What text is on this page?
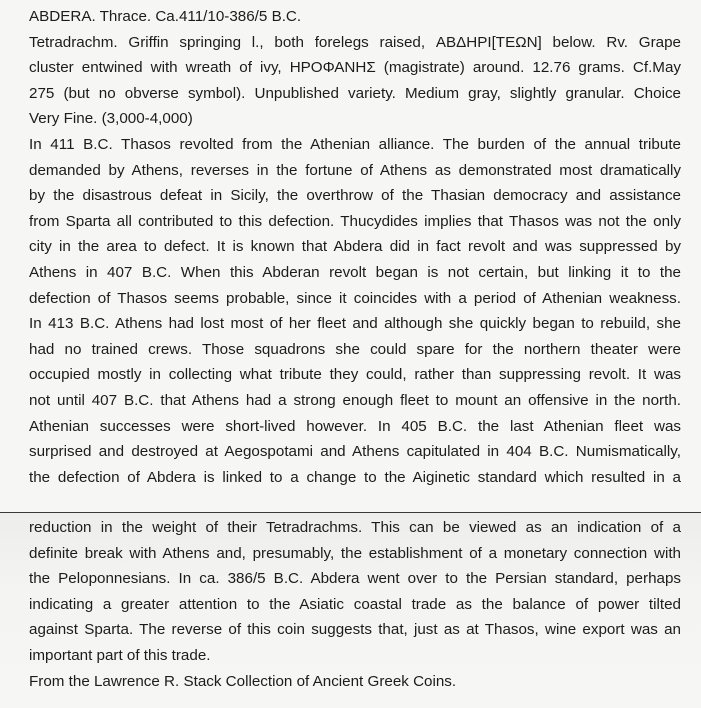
ABDERA. Thrace. Ca.411/10-386/5 B.C.
Tetradrachm. Griffin springing l., both forelegs raised, ΑΒΔΗΡΙ[ΤΕΩΝ] below. Rv. Grape
cluster entwined with wreath of ivy, ΗΡΟΦΑΝΗΣ (magistrate) around. 12.76 grams. Cf.May
275 (but no obverse symbol). Unpublished variety. Medium gray, slightly granular. Choice
Very Fine. (3,000-4,000)
In 411 B.C. Thasos revolted from the Athenian alliance. The burden of the annual tribute
demanded by Athens, reverses in the fortune of Athens as demonstrated most dramatically
by the disastrous defeat in Sicily, the overthrow of the Thasian democracy and assistance
from Sparta all contributed to this defection. Thucydides implies that Thasos was not the only
city in the area to defect. It is known that Abdera did in fact revolt and was suppressed by
Athens in 407 B.C. When this Abderan revolt began is not certain, but linking it to the
defection of Thasos seems probable, since it coincides with a period of Athenian weakness.
In 413 B.C. Athens had lost most of her fleet and although she quickly began to rebuild, she
had no trained crews. Those squadrons she could spare for the northern theater were
occupied mostly in collecting what tribute they could, rather than suppressing revolt. It was
not until 407 B.C. that Athens had a strong enough fleet to mount an offensive in the north.
Athenian successes were short-lived however. In 405 B.C. the last Athenian fleet was
surprised and destroyed at Aegospotami and Athens capitulated in 404 B.C. Numismatically,
the defection of Abdera is linked to a change to the Aiginetic standard which resulted in a
reduction in the weight of their Tetradrachms. This can be viewed as an indication of a
definite break with Athens and, presumably, the establishment of a monetary connection with
the Peloponnesians. In ca. 386/5 B.C. Abdera went over to the Persian standard, perhaps
indicating a greater attention to the Asiatic coastal trade as the balance of power tilted
against Sparta. The reverse of this coin suggests that, just as at Thasos, wine export was an
important part of this trade.
From the Lawrence R. Stack Collection of Ancient Greek Coins.
